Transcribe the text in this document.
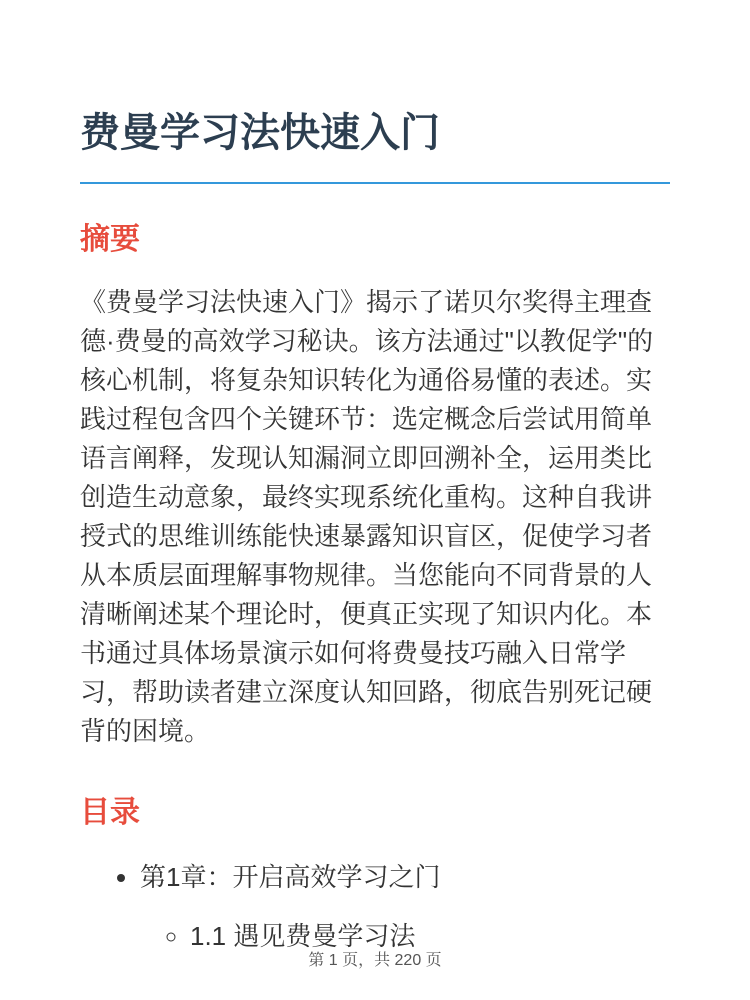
费曼学习法快速入门
摘要

《费曼学习法快速入门》揭示了诺贝尔奖得主理查德·费曼的高效学习秘诀。该方法通过"以教促学"的核心机制，将复杂知识转化为通俗易懂的表述。实践过程包含四个关键环节：选定概念后尝试用简单语言阐释，发现认知漏洞立即回溯补全，运用类比创造生动意象，最终实现系统化重构。这种自我讲授式的思维训练能快速暴露知识盲区，促使学习者从本质层面理解事物规律。当您能向不同背景的人清晰阐述某个理论时，便真正实现了知识内化。本书通过具体场景演示如何将费曼技巧融入日常学习，帮助读者建立深度认知回路，彻底告别死记硬背的困境。

目录
• 第1章：开启高效学习之门
◦ 1.1 遇见费曼学习法
第 1 页，共 220 页
